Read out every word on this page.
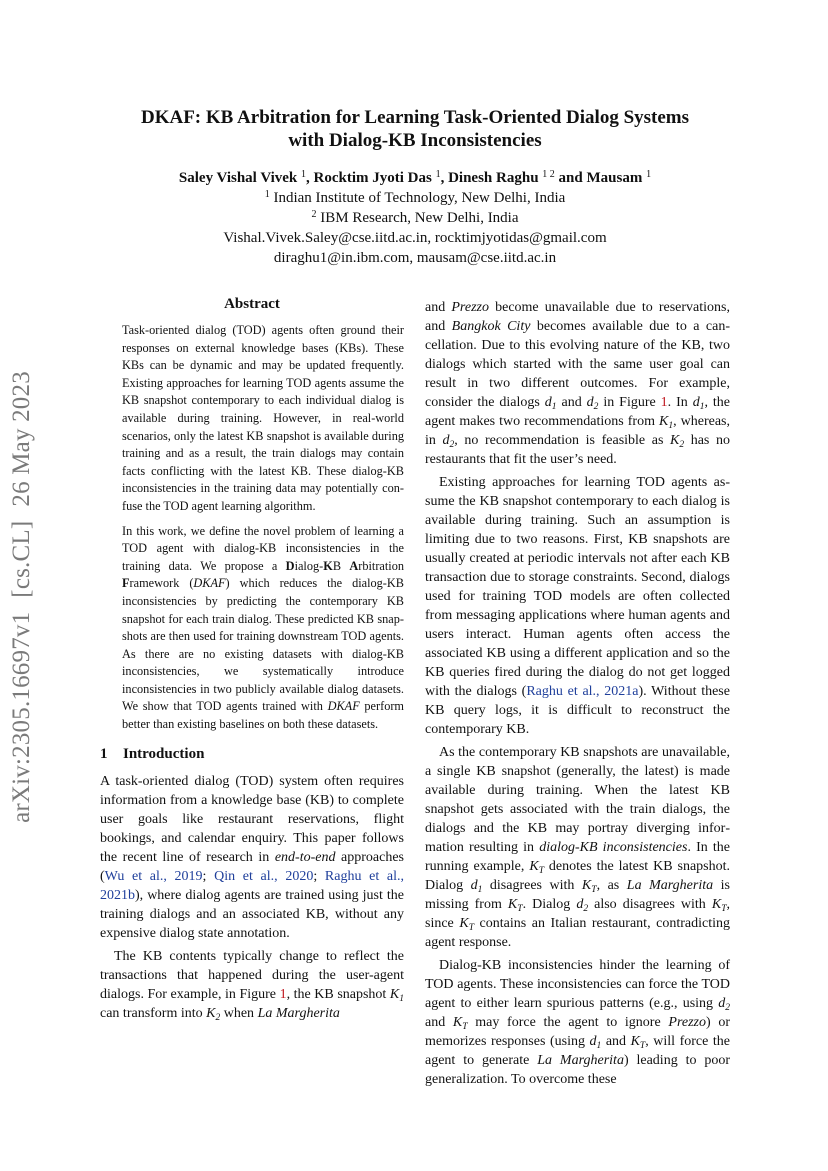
arXiv:2305.16697v1[cs.CL]26 May 2023
DKAF: KB Arbitration for Learning Task-Oriented Dialog Systems
with Dialog-KB Inconsistencies
Saley Vishal Vivek $^1$, Rocktim Jyoti Das $^1$, Dinesh Raghu $^{1 2}$ and Mausam $^1$
$^1$ Indian Institute of Technology, New Delhi, India
$^2$ IBM Research, New Delhi, India
Vishal.Vivek.Saley@cse.iitd.ac.in, rocktimjyotidas@gmail.com
diraghu1@in.ibm.com, mausam@cse.iitd.ac.in
Abstract

Task-oriented dialog (TOD) agents often ground their responses on external knowledge bases (KBs). These KBs can be dynamic and may be updated frequently. Existing approaches for learning TOD agents assume the KB snapshot contemporary to each individual dialog is available during training. However, in real-world scenarios, only the latest KB snapshot is available during training and as a result, the train dialogs may contain facts conflicting with the latest KB. These dialog-KB inconsistencies in the training data may potentially confuse the TOD agent learning algorithm.

In this work, we define the novel problem of learning a TOD agent with dialog-KB inconsistencies in the training data. We propose a Dialog-KB Arbitration Framework (DKAF) which reduces the dialog-KB inconsistencies by predicting the contemporary KB snapshot for each train dialog. These predicted KB snapshots are then used for training downstream TOD agents. As there are no existing datasets with dialog-KB inconsistencies, we systematically introduce inconsistencies in two publicly available dialog datasets. We show that TOD agents trained with DKAF perform better than existing baselines on both these datasets.

1 Introduction

A task-oriented dialog (TOD) system often requires information from a knowledge base (KB) to complete user goals like restaurant reservations, flight bookings, and calendar enquiry. This paper follows the recent line of research in end-to-end approaches (Wu et al., 2019; Qin et al., 2020; Raghu et al., 2021b), where dialog agents are trained using just the training dialogs and an associated KB, without any expensive dialog state annotation.

The KB contents typically change to reflect the transactions that happened during the user-agent dialogs. For example, in Figure 1, the KB snapshot $K_1$ can transform into $K_2$ when La Margherita

and Prezzo become unavailable due to reservations, and Bangkok City becomes available due to a cancellation. Due to this evolving nature of the KB, two dialogs which started with the same user goal can result in two different outcomes. For example, consider the dialogs $d_1$ and $d_2$ in Figure 1. In $d_1$, the agent makes two recommendations from $K_1$, whereas, in $d_2$, no recommendation is feasible as $K_2$ has no restaurants that fit the user’s need.

Existing approaches for learning TOD agents assume the KB snapshot contemporary to each dialog is available during training. Such an assumption is limiting due to two reasons. First, KB snapshots are usually created at periodic intervals not after each KB transaction due to storage constraints. Second, dialogs used for training TOD models are often collected from messaging applications where human agents and users interact. Human agents often access the associated KB using a different application and so the KB queries fired during the dialog do not get logged with the dialogs (Raghu et al., 2021a). Without these KB query logs, it is difficult to reconstruct the contemporary KB.

As the contemporary KB snapshots are unavailable, a single KB snapshot (generally, the latest) is made available during training. When the latest KB snapshot gets associated with the train dialogs, the dialogs and the KB may portray diverging information resulting in dialog-KB inconsistencies. In the running example, $K_T$ denotes the latest KB snapshot. Dialog $d_1$ disagrees with $K_T$, as La Margherita is missing from $K_T$. Dialog $d_2$ also disagrees with $K_T$, since $K_T$ contains an Italian restaurant, contradicting agent response.

Dialog-KB inconsistencies hinder the learning of TOD agents. These inconsistencies can force the TOD agent to either learn spurious patterns (e.g., using $d_2$ and $K_T$ may force the agent to ignore Prezzo) or memorizes responses (using $d_1$ and $K_T$, will force the agent to generate La Margherita) leading to poor generalization. To overcome these
